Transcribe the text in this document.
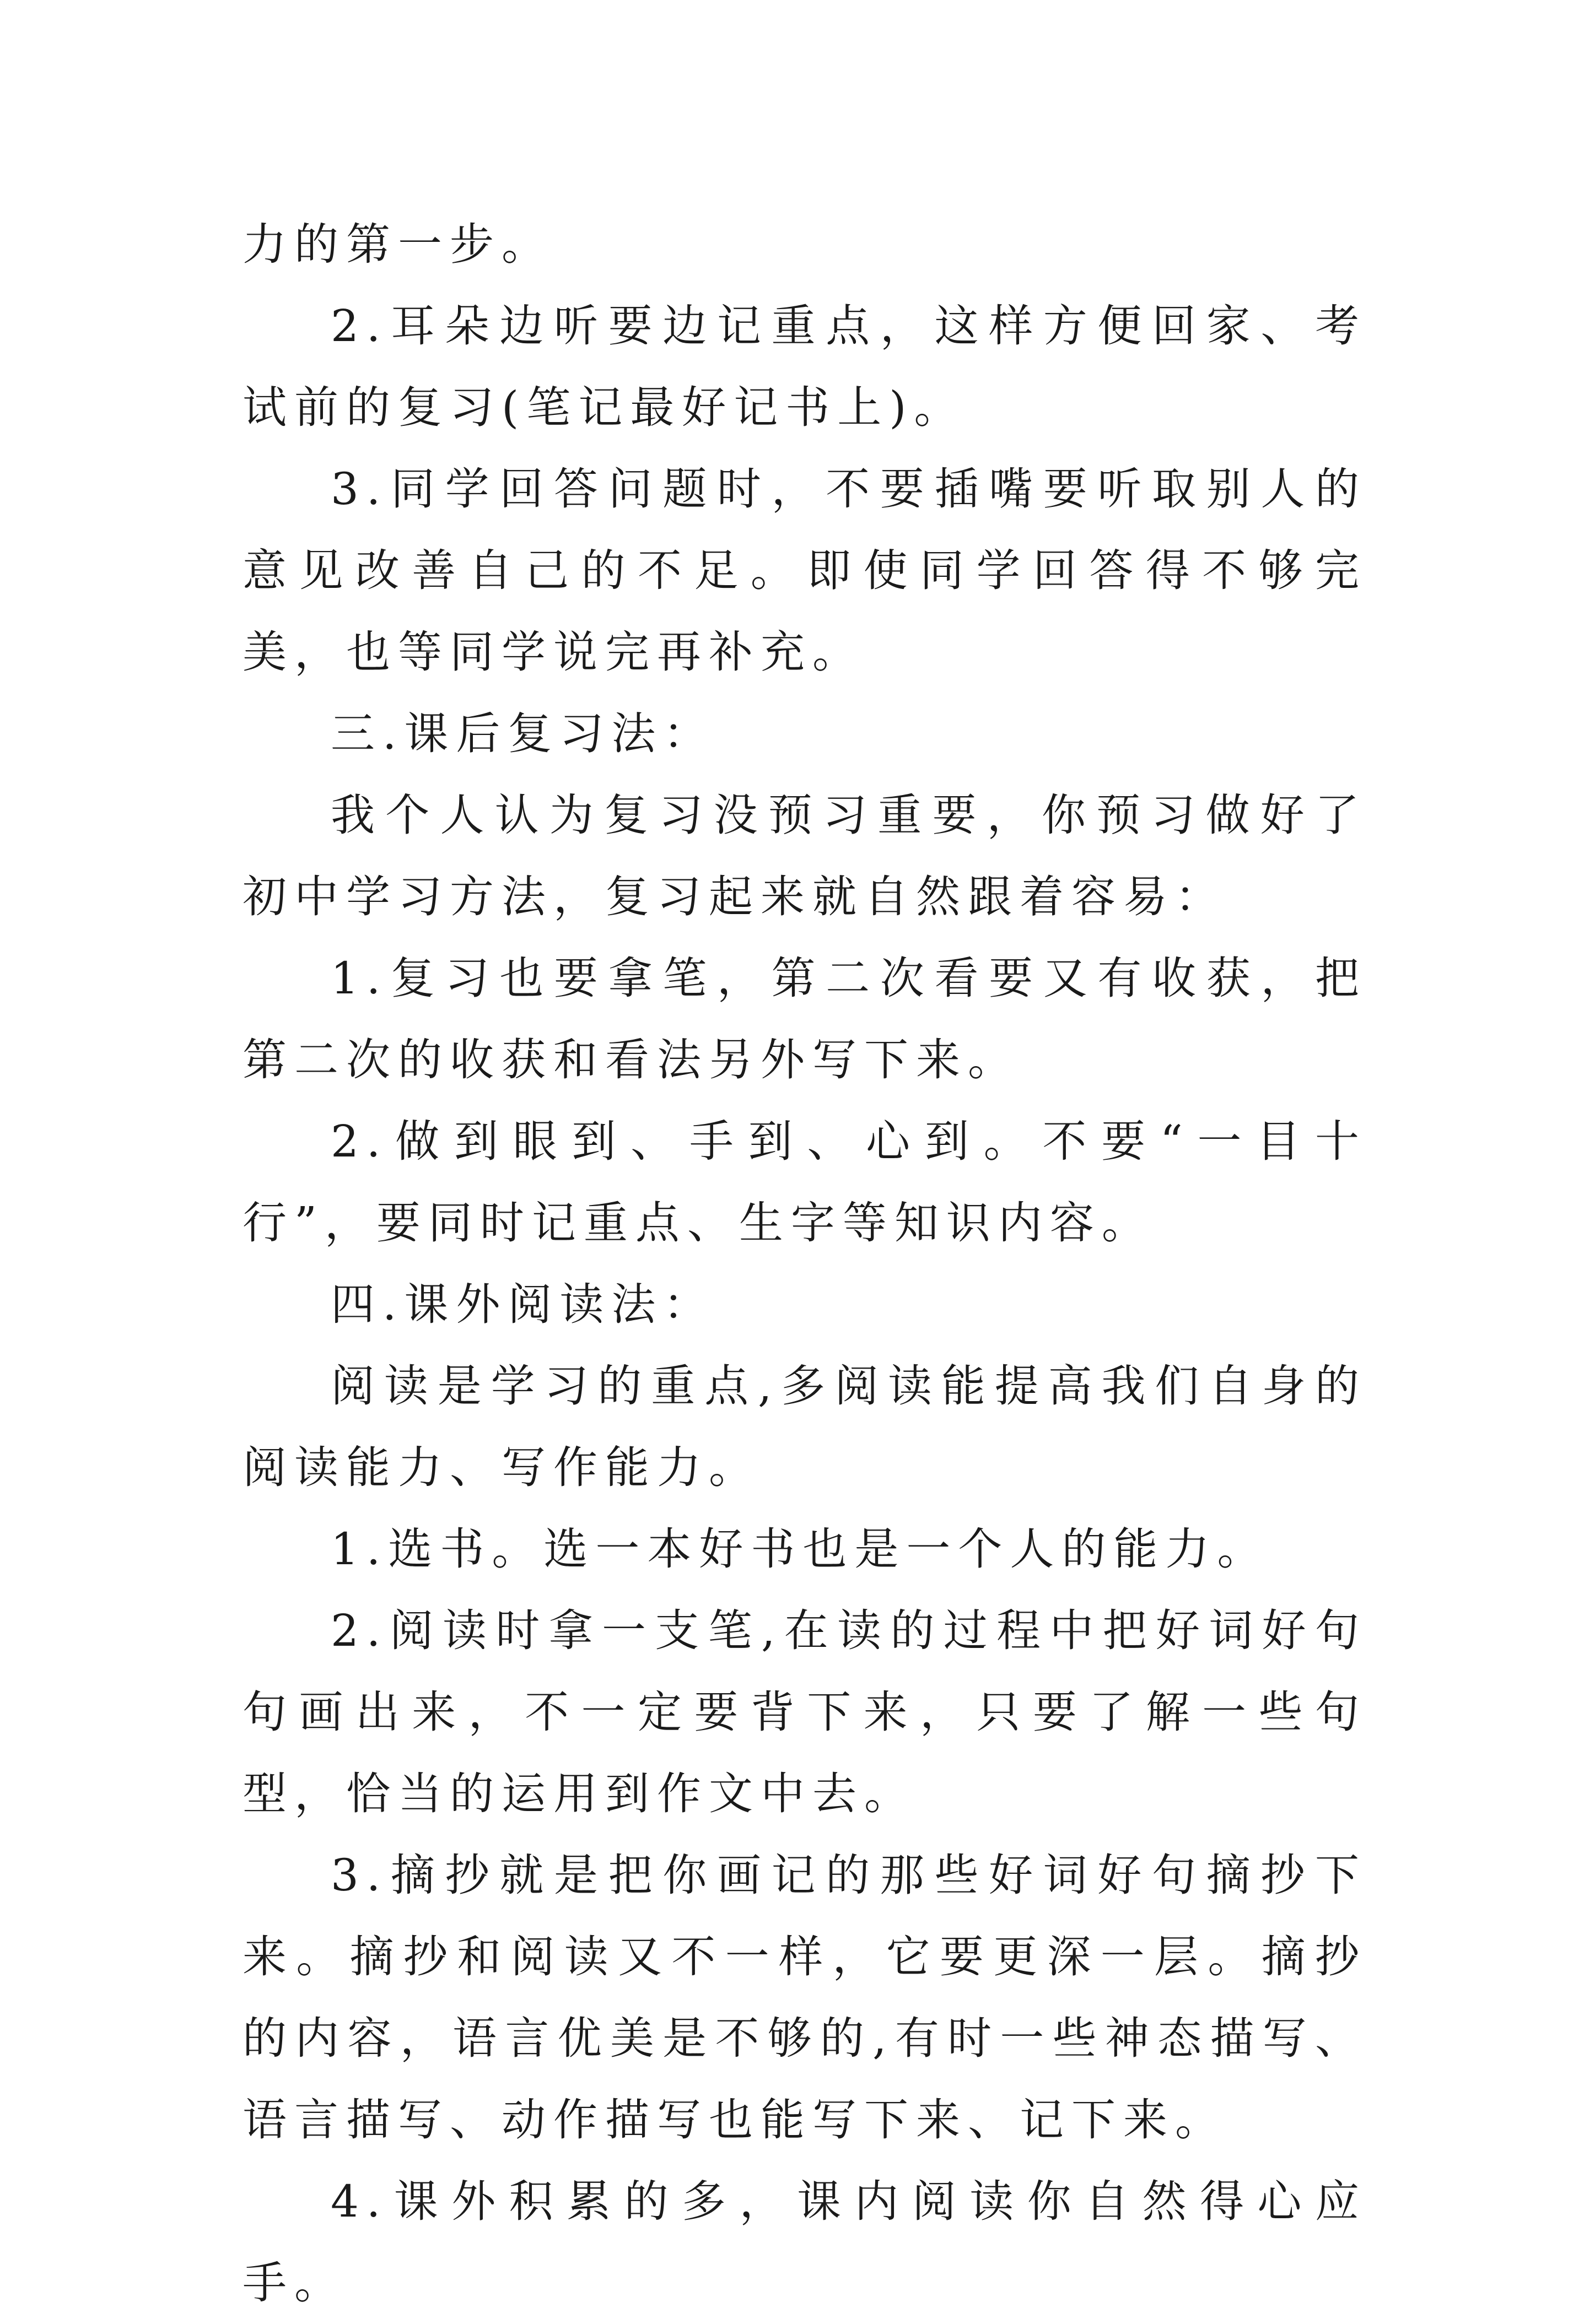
力的第一步。

2.耳朵边听要边记重点，这样方便回家、考试前的复习(笔记最好记书上)。

3.同学回答问题时，不要插嘴要听取别人的意见改善自己的不足。即使同学回答得不够完美，也等同学说完再补充。

三.课后复习法：

我个人认为复习没预习重要，你预习做好了 初中学习方法，复习起来就自然跟着容易：

1.复习也要拿笔，第二次看要又有收获，把第二次的收获和看法另外写下来。

2.做到眼到、手到、心到。不要“一目十行”，要同时记重点、生字等知识内容。

四.课外阅读法：

阅读是学习的重点,多阅读能提高我们自身的阅读能力、写作能力。

1.选书。选一本好书也是一个人的能力。

2.阅读时拿一支笔,在读的过程中把好词好句句画出来，不一定要背下来，只要了解一些句型，恰当的运用到作文中去。

3.摘抄就是把你画记的那些好词好句摘抄下来。摘抄和阅读又不一样，它要更深一层。摘抄的内容，语言优美是不够的,有时一些神态描写、语言描写、动作描写也能写下来、记下来。

4.课外积累的多，课内阅读你自然得心应手。
